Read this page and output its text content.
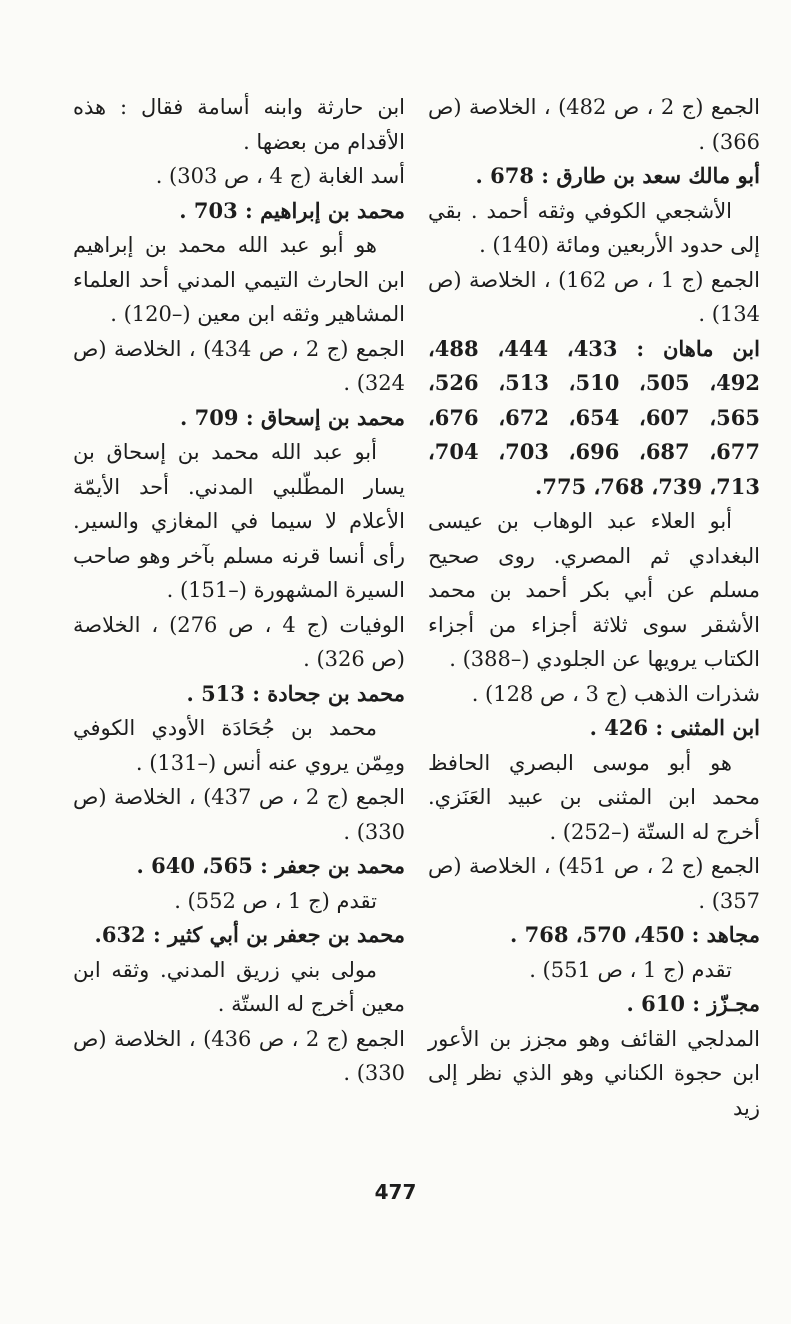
الجمع (ج 2 ، ص 482) ، الخلاصة (ص 366) .

أبو مالك سعد بن طارق : 678 .

الأشجعي الكوفي وثقه أحمد . بقي إلى حدود الأربعين ومائة (140) .

الجمع (ج 1 ، ص 162) ، الخلاصة (ص 134) .

ابن ماهان : 433، 444، 488، 492، 505، 510، 513، 526، 565، 607، 654، 672، 676، 677، 687، 696، 703، 704، 713، 739، 768، 775.

أبو العلاء عبد الوهاب بن عيسى البغدادي ثم المصري. روى صحيح مسلم عن أبي بكر أحمد بن محمد الأشقر سوى ثلاثة أجزاء من أجزاء الكتاب يرويها عن الجلودي (–388) .

شذرات الذهب (ج 3 ، ص 128) .

ابن المثنى : 426 .

هو أبو موسى البصري الحافظ محمد ابن المثنى بن عبيد العَنَزي. أخرج له الستّة (–252) .

الجمع (ج 2 ، ص 451) ، الخلاصة (ص 357) .

مجاهد : 450، 570، 768 .

تقدم (ج 1 ، ص 551) .

مجـزّز : 610 .

المدلجي القائف وهو مجزز بن الأعور ابن حجوة الكناني وهو الذي نظر إلى زيد

ابن حارثة وابنه أسامة فقال : هذه الأقدام من بعضها .

أسد الغابة (ج 4 ، ص 303) .

محمد بن إبراهيم : 703 .

هو أبو عبد الله محمد بن إبراهيم ابن الحارث التيمي المدني أحد العلماء المشاهير وثقه ابن معين (–120) .

الجمع (ج 2 ، ص 434) ، الخلاصة (ص 324) .

محمد بن إسحاق : 709 .

أبو عبد الله محمد بن إسحاق بن يسار المطّلبي المدني. أحد الأيمّة الأعلام لا سيما في المغازي والسير. رأى أنسا قرنه مسلم بآخر وهو صاحب السيرة المشهورة (–151) .

الوفيات (ج 4 ، ص 276) ، الخلاصة (ص 326) .

محمد بن جحادة : 513 .

محمد بن جُحَادَة الأودي الكوفي ومِمّن يروي عنه أنس (–131) .

الجمع (ج 2 ، ص 437) ، الخلاصة (ص 330) .

محمد بن جعفر : 565، 640 .

تقدم (ج 1 ، ص 552) .

محمد بن جعفر بن أبي كثير : 632.

مولى بني زريق المدني. وثقه ابن معين أخرج له الستّة .

الجمع (ج 2 ، ص 436) ، الخلاصة (ص 330) .

477
